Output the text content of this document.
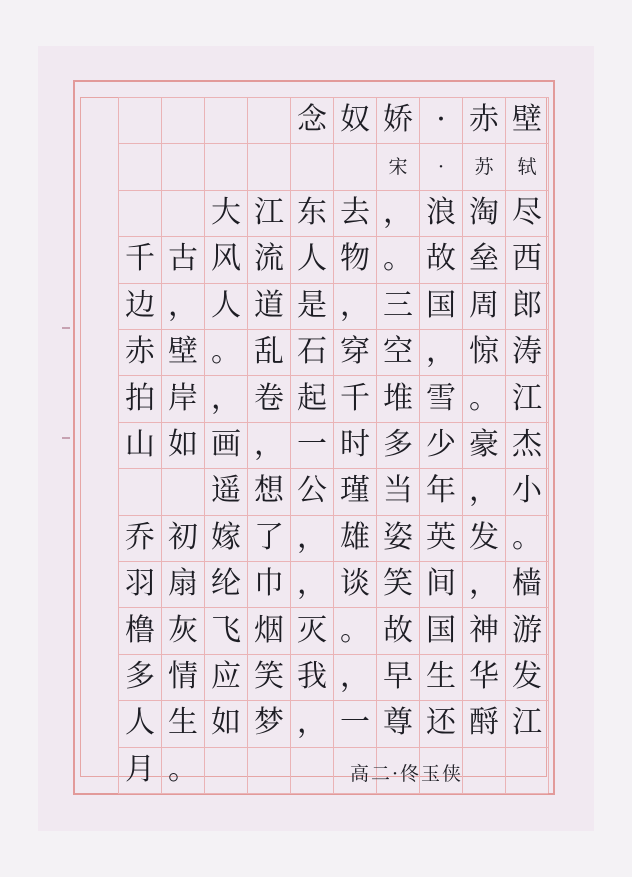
念 奴 娇 · 赤 壁
宋	·	苏	轼
大 江 东 去 ， 浪 淘 尽
千 古 风 流 人 物 。 故 垒 西
边 ， 人 道 是 ， 三 国 周 郎
赤 壁 。 乱 石 穿 空 ， 惊 涛
拍 岸 ， 卷 起 千 堆 雪 。 江
山 如 画 ， 一 时 多 少 豪 杰
遥 想 公 瑾 当 年 ， 小
乔 初 嫁 了 ， 雄 姿 英 发 。
羽 扇 纶 巾 ， 谈 笑 间 ， 樯
橹 灰 飞 烟 灭 。 故 国 神 游
多 情 应 笑 我 ， 早 生 华 发
人 生 如 梦 ， 一 尊 还 酹 江
月 。	高二·佟玉侠
